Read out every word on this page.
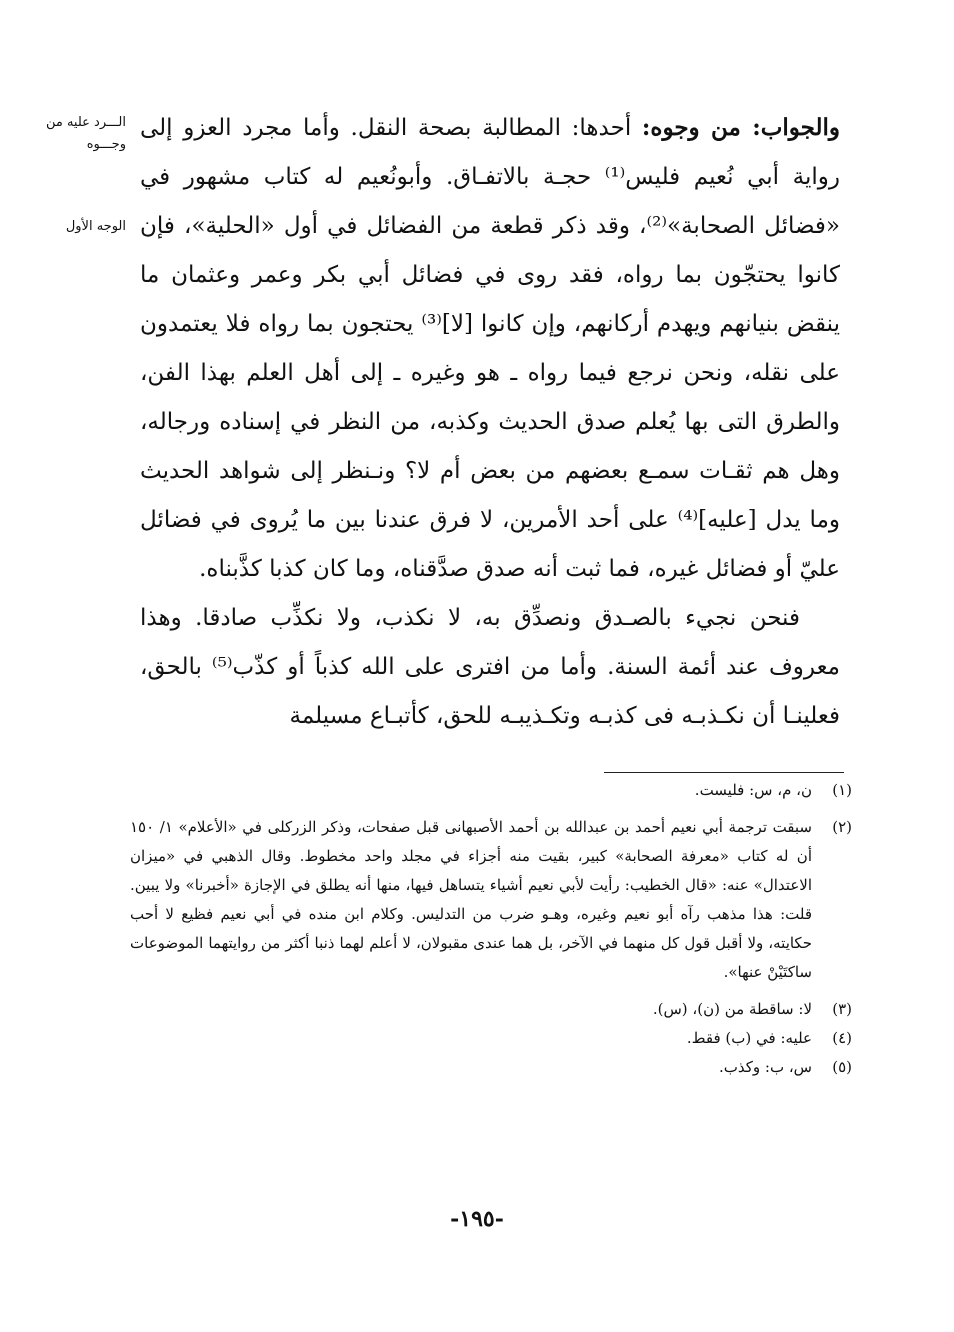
الـــرد عليه من وجـــوه
الوجه الأول

والجواب: من وجوه: أحدها: المطالبة بصحة النقل. وأما مجرد العزو إلى رواية أبي نُعيم فليس⁽¹⁾ حجـة بالاتفـاق. وأبونُعيم له كتاب مشهور في «فضائل الصحابة»⁽²⁾، وقد ذكر قطعة من الفضائل في أول «الحلية»، فإن كانوا يحتجّون بما رواه، فقد روى في فضائل أبي بكر وعمر وعثمان ما ينقض بنيانهم ويهدم أركانهم، وإن كانوا [لا]⁽³⁾ يحتجون بما رواه فلا يعتمدون على نقله، ونحن نرجع فيما رواه ـ هو وغيره ـ إلى أهل العلم بهذا الفن، والطرق التى بها يُعلم صدق الحديث وكذبه، من النظر في إسناده ورجاله، وهل هم ثقـات سمـع بعضهم من بعض أم لا؟ ونـنظر إلى شواهد الحديث وما يدل [عليه]⁽⁴⁾ على أحد الأمرين، لا فرق عندنا بين ما يُروى في فضائل عليّ أو فضائل غيره، فما ثبت أنه صدق صدَّقناه، وما كان كذبا كذَّبناه.

فنحن نجيء بالصـدق ونصدِّق به، لا نكذب، ولا نكذِّب صادقا. وهذا معروف عند أئمة السنة. وأما من افترى على الله كذباً أو كذّب⁽⁵⁾ بالحق، فعلينـا أن نكـذبـه فى كذبـه وتكـذيبـه للحق، كأتبـاع مسيلمة

(١)
ن، م، س: فليست.
(٢)
سبقت ترجمة أبي نعيم أحمد بن عبدالله بن أحمد الأصبهانى قبل صفحات، وذكر الزركلى في «الأعلام» ١/ ١٥٠ أن له كتاب «معرفة الصحابة» كبير، بقيت منه أجزاء في مجلد واحد مخطوط. وقال الذهبي في «ميزان الاعتدال» عنه: «قال الخطيب: رأيت لأبي نعيم أشياء يتساهل فيها، منها أنه يطلق في الإجازة «أخبرنا» ولا يبين. قلت: هذا مذهب رآه أبو نعيم وغيره، وهـو ضرب من التدليس. وكلام ابن منده في أبي نعيم فظيع لا أحب حكايته، ولا أقبل قول كل منهما في الآخر، بل هما عندى مقبولان، لا أعلم لهما ذنبا أكثر من روايتهما الموضوعات ساكتَيْنْ عنها».
(٣)
لا: ساقطة من (ن)، (س).
(٤)
عليه: في (ب) فقط.
(٥)
س، ب: وكذب.
-١٩٥-
